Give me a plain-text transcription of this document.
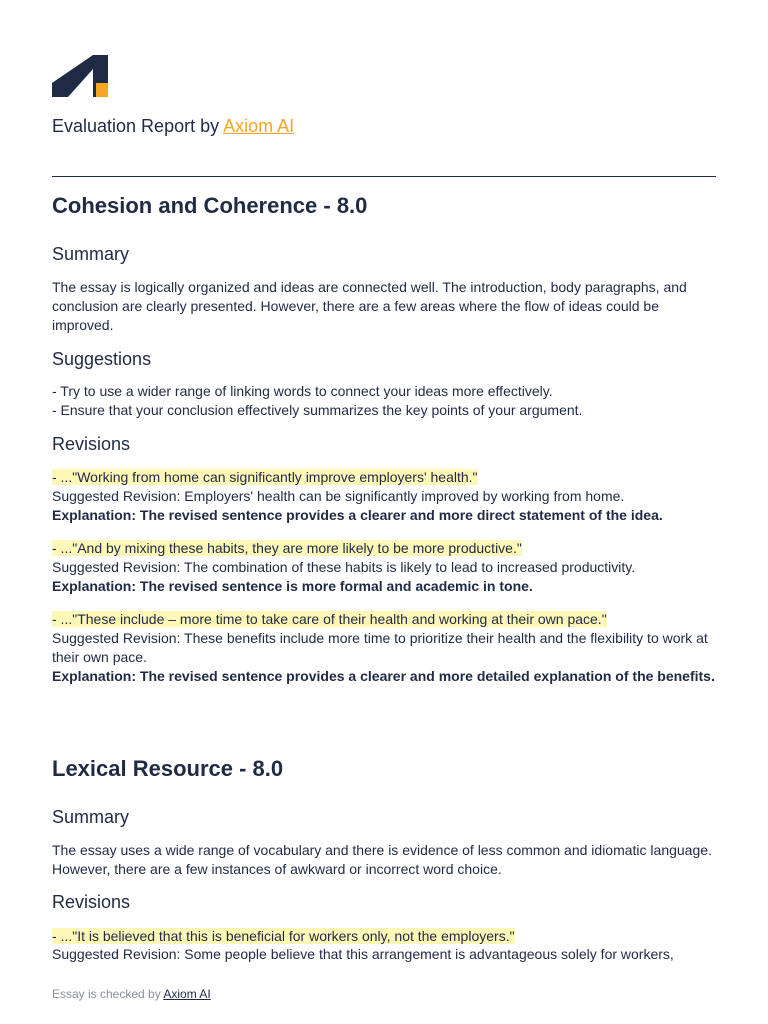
Evaluation Report by Axiom AI
Cohesion and Coherence - 8.0
Summary

The essay is logically organized and ideas are connected well. The introduction, body paragraphs, and conclusion are clearly presented. However, there are a few areas where the flow of ideas could be improved.

Suggestions

- Try to use a wider range of linking words to connect your ideas more effectively.

- Ensure that your conclusion effectively summarizes the key points of your argument.

Revisions

- ..."Working from home can significantly improve employers' health."

Suggested Revision: Employers' health can be significantly improved by working from home.

Explanation: The revised sentence provides a clearer and more direct statement of the idea.

- ..."And by mixing these habits, they are more likely to be more productive."

Suggested Revision: The combination of these habits is likely to lead to increased productivity.

Explanation: The revised sentence is more formal and academic in tone.

- ..."These include – more time to take care of their health and working at their own pace."

Suggested Revision: These benefits include more time to prioritize their health and the flexibility to work at their own pace.

Explanation: The revised sentence provides a clearer and more detailed explanation of the benefits.

Lexical Resource - 8.0
Summary

The essay uses a wide range of vocabulary and there is evidence of less common and idiomatic language. However, there are a few instances of awkward or incorrect word choice.

Revisions

- ..."It is believed that this is beneficial for workers only, not the employers."

Suggested Revision: Some people believe that this arrangement is advantageous solely for workers,

Essay is checked by Axiom AI
